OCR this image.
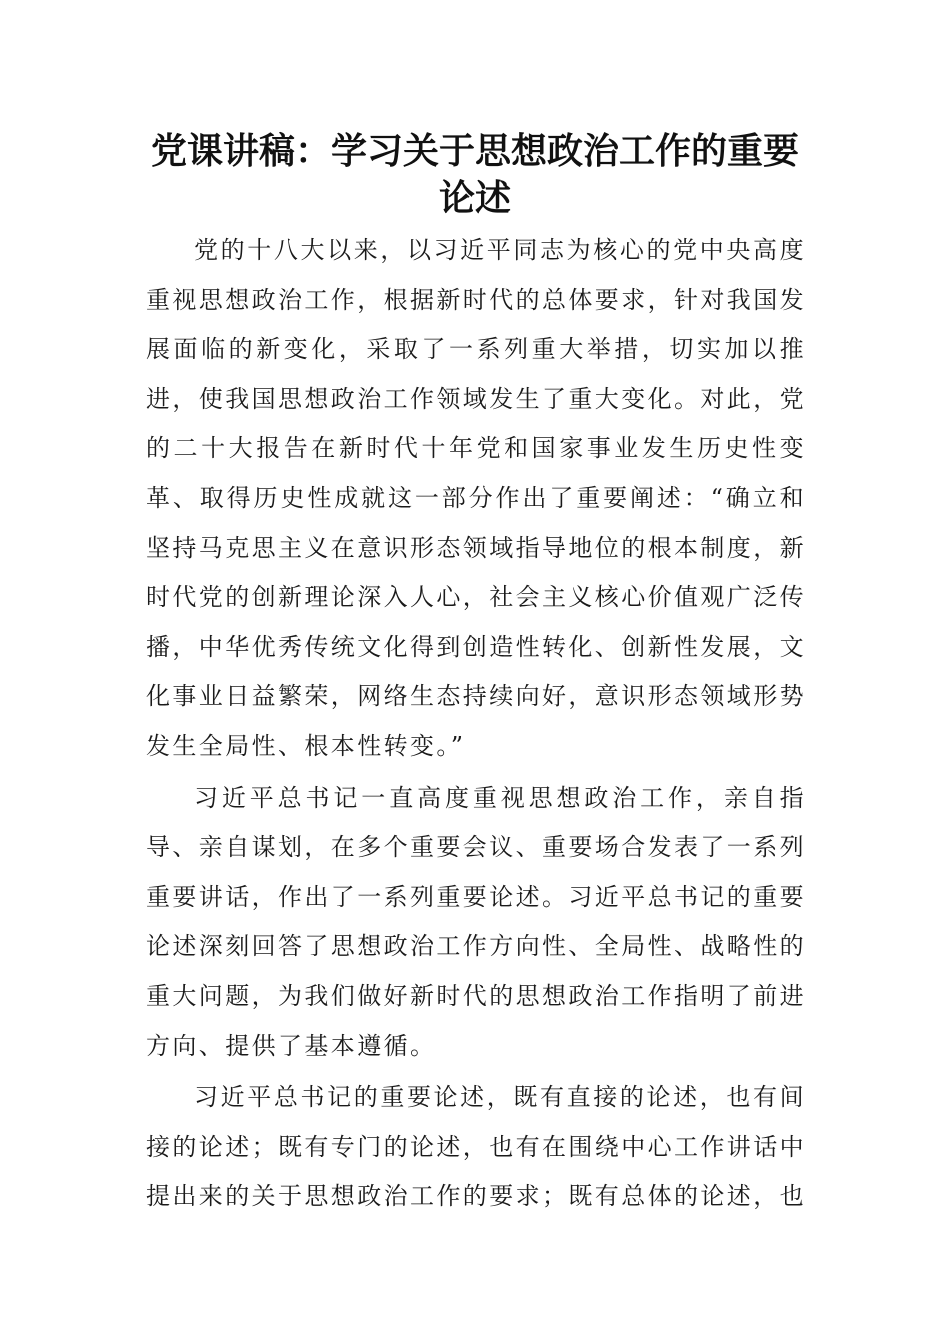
党课讲稿：学习关于思想政治工作的重要论述

党的十八大以来，以习近平同志为核心的党中央高度重视思想政治工作，根据新时代的总体要求，针对我国发展面临的新变化，采取了一系列重大举措，切实加以推进，使我国思想政治工作领域发生了重大变化。对此，党的二十大报告在新时代十年党和国家事业发生历史性变革、取得历史性成就这一部分作出了重要阐述：“确立和坚持马克思主义在意识形态领域指导地位的根本制度，新时代党的创新理论深入人心，社会主义核心价值观广泛传播，中华优秀传统文化得到创造性转化、创新性发展，文化事业日益繁荣，网络生态持续向好，意识形态领域形势发生全局性、根本性转变。”

习近平总书记一直高度重视思想政治工作，亲自指导、亲自谋划，在多个重要会议、重要场合发表了一系列重要讲话，作出了一系列重要论述。习近平总书记的重要论述深刻回答了思想政治工作方向性、全局性、战略性的重大问题，为我们做好新时代的思想政治工作指明了前进方向、提供了基本遵循。

习近平总书记的重要论述，既有直接的论述，也有间接的论述；既有专门的论述，也有在围绕中心工作讲话中提出来的关于思想政治工作的要求；既有总体的论述，也
